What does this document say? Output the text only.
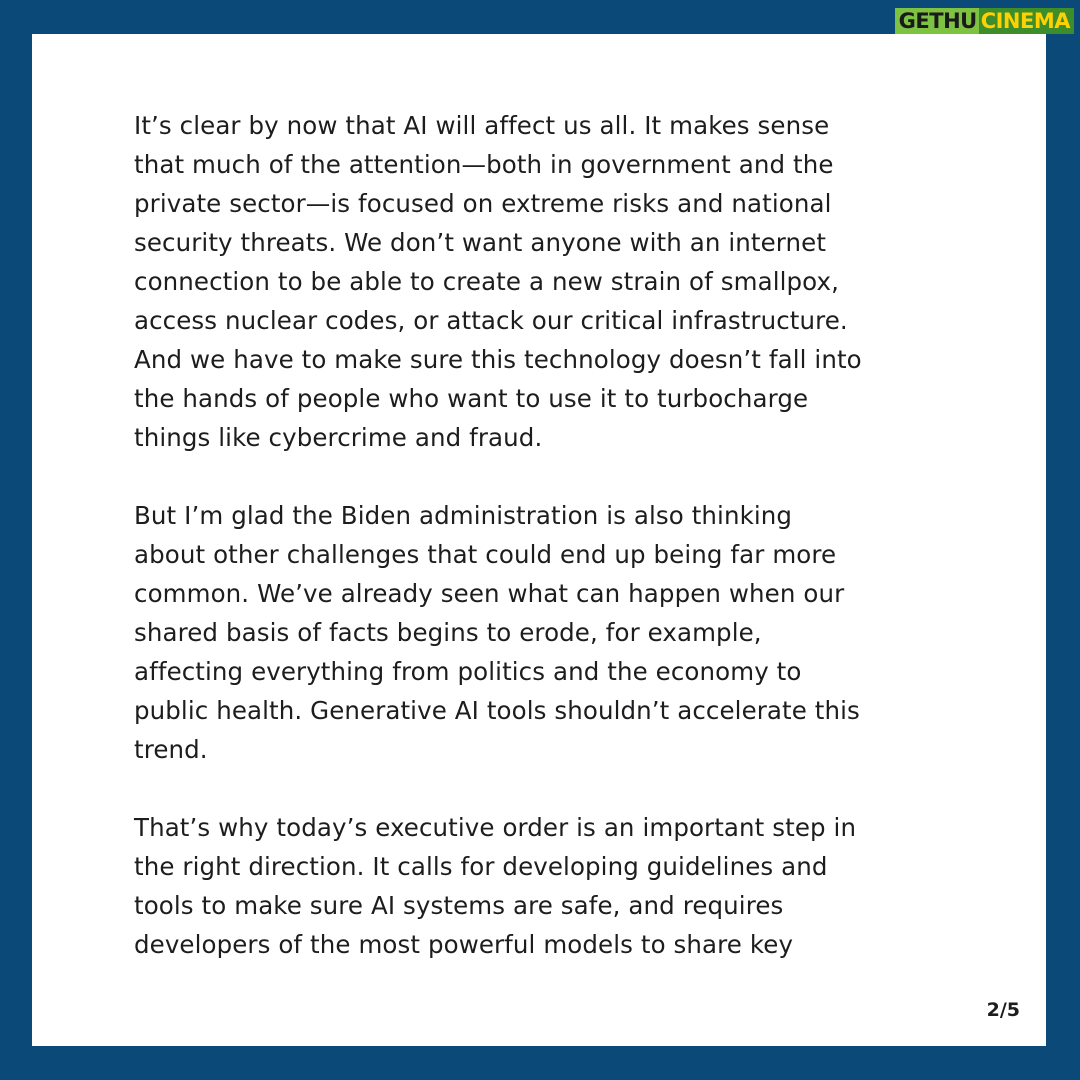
GETHU CINEMA

It’s clear by now that AI will affect us all. It makes sense
that much of the attention—both in government and the
private sector—is focused on extreme risks and national
security threats. We don’t want anyone with an internet
connection to be able to create a new strain of smallpox,
access nuclear codes, or attack our critical infrastructure.
And we have to make sure this technology doesn’t fall into
the hands of people who want to use it to turbocharge
things like cybercrime and fraud.

But I’m glad the Biden administration is also thinking
about other challenges that could end up being far more
common. We’ve already seen what can happen when our
shared basis of facts begins to erode, for example,
affecting everything from politics and the economy to
public health. Generative AI tools shouldn’t accelerate this
trend.

That’s why today’s executive order is an important step in
the right direction. It calls for developing guidelines and
tools to make sure AI systems are safe, and requires
developers of the most powerful models to share key

2/5
